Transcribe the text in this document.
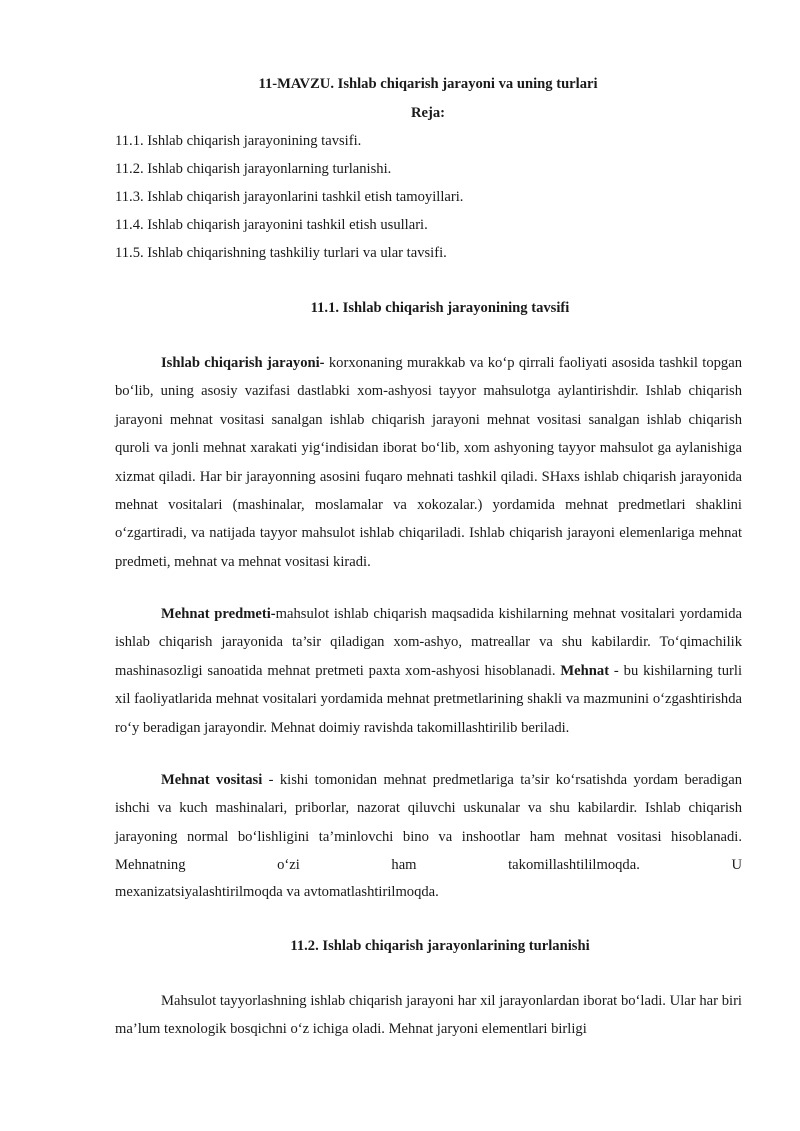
11-MAVZU. Ishlab chiqarish jarayoni va uning turlari
Reja:
11.1. Ishlab chiqarish jarayonining tavsifi.
11.2. Ishlab chiqarish jarayonlarning turlanishi.
11.3. Ishlab chiqarish jarayonlarini tashkil etish tamoyillari.
11.4. Ishlab chiqarish jarayonini tashkil etish usullari.
11.5. Ishlab chiqarishning tashkiliy turlari va ular tavsifi.
11.1. Ishlab chiqarish jarayonining tavsifi
Ishlab chiqarish jarayoni- korxonaning murakkab va ko‘p qirrali faoliyati asosida tashkil topgan bo‘lib, uning asosiy vazifasi dastlabki xom-ashyosi tayyor mahsulotga aylantirishdir. Ishlab chiqarish jarayoni mehnat vositasi sanalgan ishlab chiqarish jarayoni mehnat vositasi sanalgan ishlab chiqarish quroli va jonli mehnat xarakati yig‘indisidan iborat bo‘lib, xom ashyoning tayyor mahsulot ga aylanishiga xizmat qiladi. Har bir jarayonning asosini fuqaro mehnati tashkil qiladi. SHaxs ishlab chiqarish jarayonida mehnat vositalari (mashinalar, moslamalar va xokozalar.) yordamida mehnat predmetlari shaklini o‘zgartiradi, va natijada tayyor mahsulot ishlab chiqariladi. Ishlab chiqarish jarayoni elemenlariga mehnat predmeti, mehnat va mehnat vositasi kiradi.
Mehnat predmeti-mahsulot ishlab chiqarish maqsadida kishilarning mehnat vositalari yordamida ishlab chiqarish jarayonida ta’sir qiladigan xom-ashyo, matreallar va shu kabilardir. To‘qimachilik mashinasozligi sanoatida mehnat pretmeti paxta xom-ashyosi hisoblanadi. Mehnat - bu kishilarning turli xil faoliyatlarida mehnat vositalari yordamida mehnat pretmetlarining shakli va mazmunini o‘zgashtirishda ro‘y beradigan jarayondir. Mehnat doimiy ravishda takomillashtirilib beriladi.
Mehnat vositasi - kishi tomonidan mehnat predmetlariga ta’sir ko‘rsatishda yordam beradigan ishchi va kuch mashinalari, priborlar, nazorat qiluvchi uskunalar va shu kabilardir. Ishlab chiqarish jarayoning normal bo‘lishligini ta’minlovchi bino va inshootlar ham mehnat vositasi hisoblanadi. Mehnatning o‘zi ham takomillashtililmoqda. U
mexanizatsiyalashtirilmoqda va avtomatlashtirilmoqda.
11.2. Ishlab chiqarish jarayonlarining turlanishi
Mahsulot tayyorlashning ishlab chiqarish jarayoni har xil jarayonlardan iborat bo‘ladi. Ular har biri ma’lum texnologik bosqichni o‘z ichiga oladi. Mehnat jaryoni elementlari birligi
